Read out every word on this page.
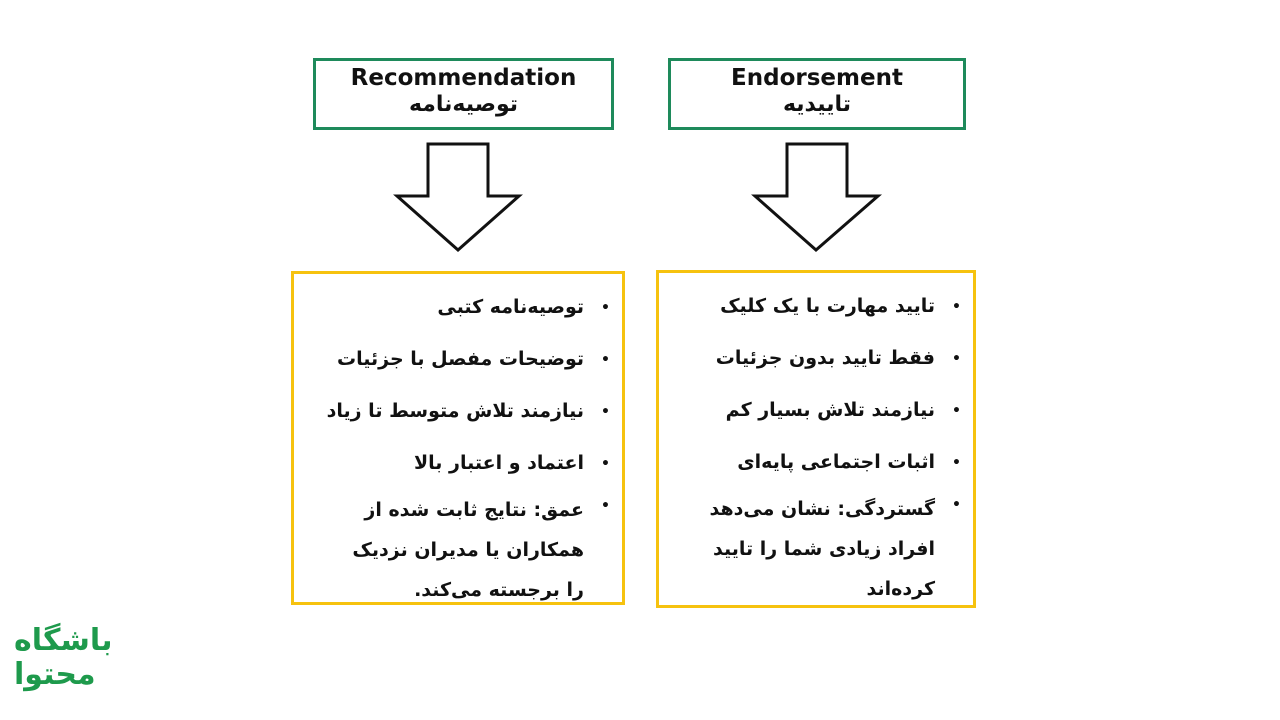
Recommendation
توصیه‌نامه
Endorsement
تاییدیه
توصیه‌نامه کتبی
توضیحات مفصل با جزئیات
نیازمند تلاش متوسط تا زیاد
اعتماد و اعتبار بالا
عمق: نتایج ثابت شده از همکاران یا مدیران نزدیک را برجسته می‌کند.
•
•
•
•
•
تایید مهارت با یک کلیک
فقط تایید بدون جزئیات
نیازمند تلاش بسیار کم
اثبات اجتماعی پایه‌ای
گستردگی: نشان می‌دهد افراد زیادی شما را تایید کرده‌اند
•
•
•
•
•
باشگاه
محتوا
